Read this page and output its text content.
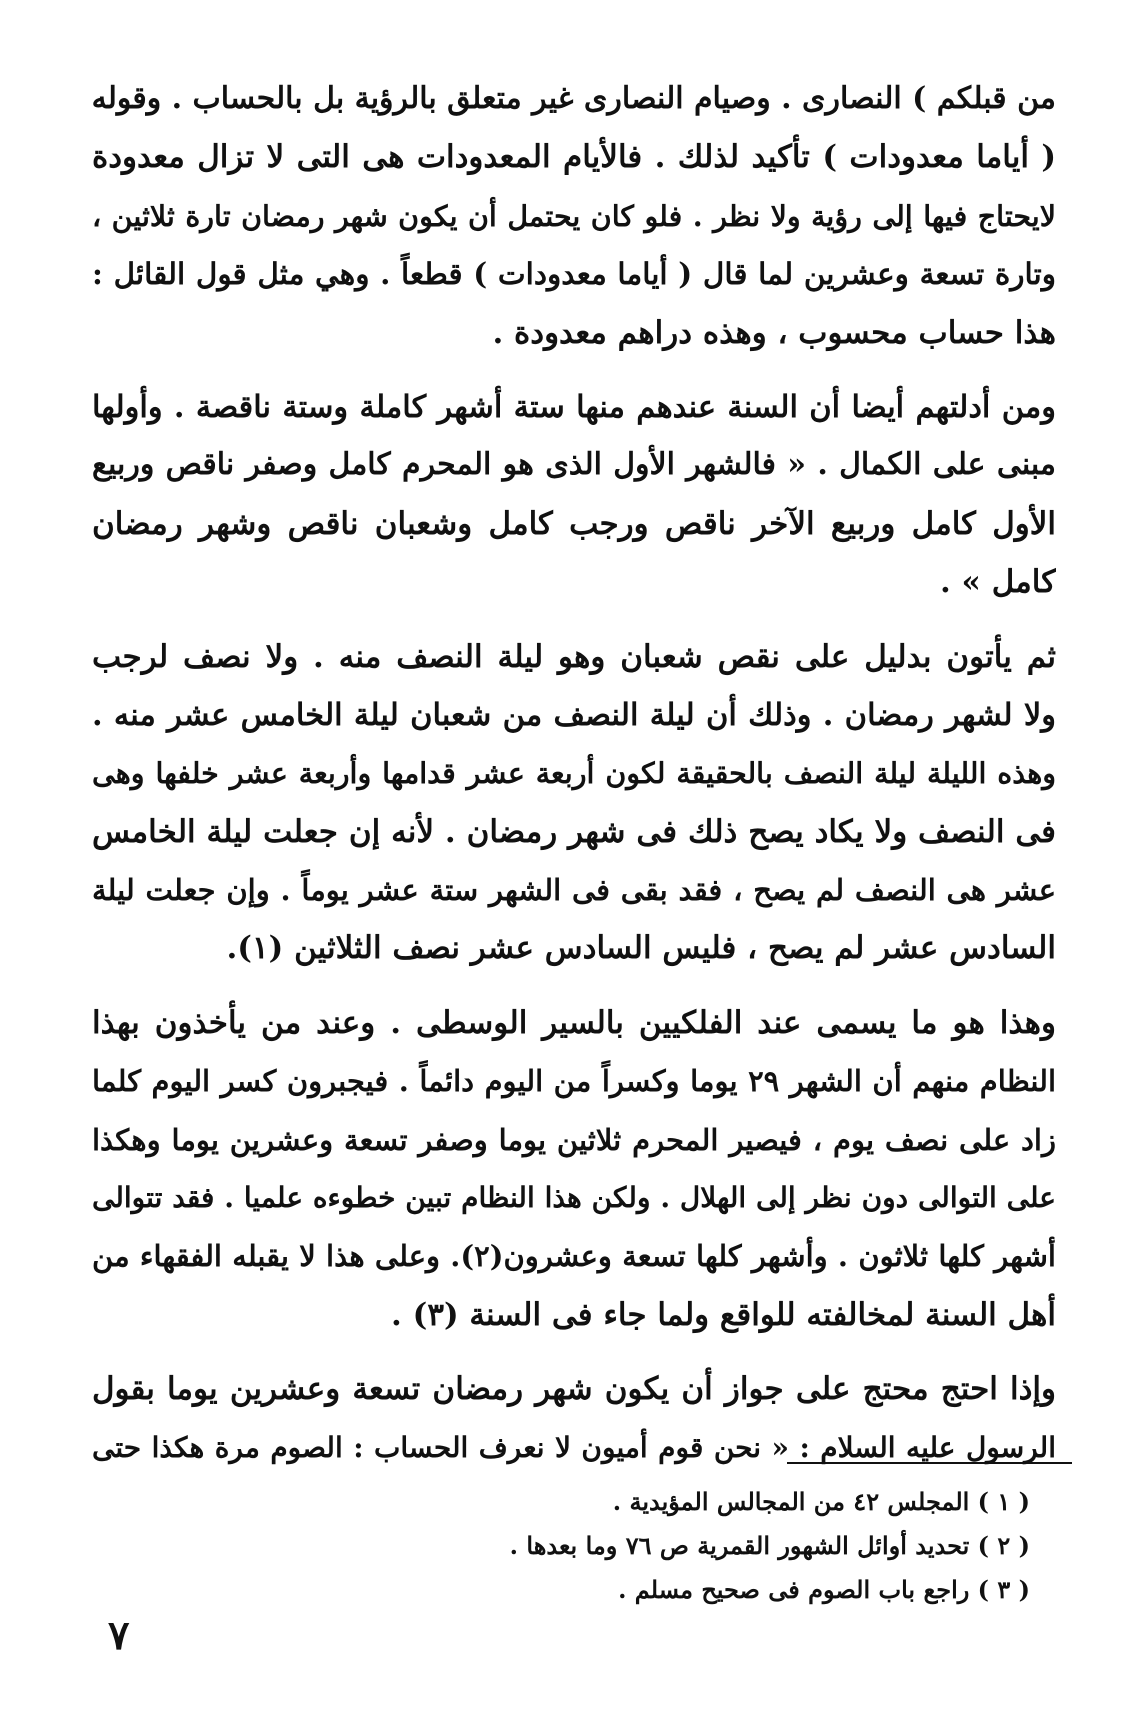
من قبلكم ) النصارى . وصيام النصارى غير متعلق بالرؤية بل بالحساب . وقوله
( أياما معدودات ) تأكيد لذلك . فالأيام المعدودات هى التى لا تزال معدودة
لايحتاج فيها إلى رؤية ولا نظر . فلو كان يحتمل أن يكون شهر رمضان تارة ثلاثين ،
وتارة تسعة وعشرين لما قال ( أياما معدودات ) قطعاً . وهي مثل قول القائل :
هذا حساب محسوب ، وهذه دراهم معدودة .
ومن أدلتهم أيضا أن السنة عندهم منها ستة أشهر كاملة وستة ناقصة . وأولها
مبنى على الكمال . « فالشهر الأول الذى هو المحرم كامل وصفر ناقص وربيع
الأول كامل وربيع الآخر ناقص ورجب كامل وشعبان ناقص وشهر رمضان
كامل » .
ثم يأتون بدليل على نقص شعبان وهو ليلة النصف منه . ولا نصف لرجب
ولا لشهر رمضان . وذلك أن ليلة النصف من شعبان ليلة الخامس عشر منه .
وهذه الليلة ليلة النصف بالحقيقة لكون أربعة عشر قدامها وأربعة عشر خلفها وهى
فى النصف ولا يكاد يصح ذلك فى شهر رمضان . لأنه إن جعلت ليلة الخامس
عشر هى النصف لم يصح ، فقد بقى فى الشهر ستة عشر يوماً . وإن جعلت ليلة
السادس عشر لم يصح ، فليس السادس عشر نصف الثلاثين (١).
وهذا هو ما يسمى عند الفلكيين بالسير الوسطى . وعند من يأخذون بهذا
النظام منهم أن الشهر ٢٩ يوما وكسراً من اليوم دائماً . فيجبرون كسر اليوم كلما
زاد على نصف يوم ، فيصير المحرم ثلاثين يوما وصفر تسعة وعشرين يوما وهكذا
على التوالى دون نظر إلى الهلال . ولكن هذا النظام تبين خطوءه علميا . فقد تتوالى
أشهر كلها ثلاثون . وأشهر كلها تسعة وعشرون(٢). وعلى هذا لا يقبله الفقهاء من
أهل السنة لمخالفته للواقع ولما جاء فى السنة (٣) .
وإذا احتج محتج على جواز أن يكون شهر رمضان تسعة وعشرين يوما بقول
الرسول عليه السلام : « نحن قوم أميون لا نعرف الحساب : الصوم مرة هكذا حتى
( ١ ) المجلس ٤٢ من المجالس المؤيدية .
( ٢ ) تحديد أوائل الشهور القمرية ص ٧٦ وما بعدها .
( ٣ ) راجع باب الصوم فى صحيح مسلم .
٧
